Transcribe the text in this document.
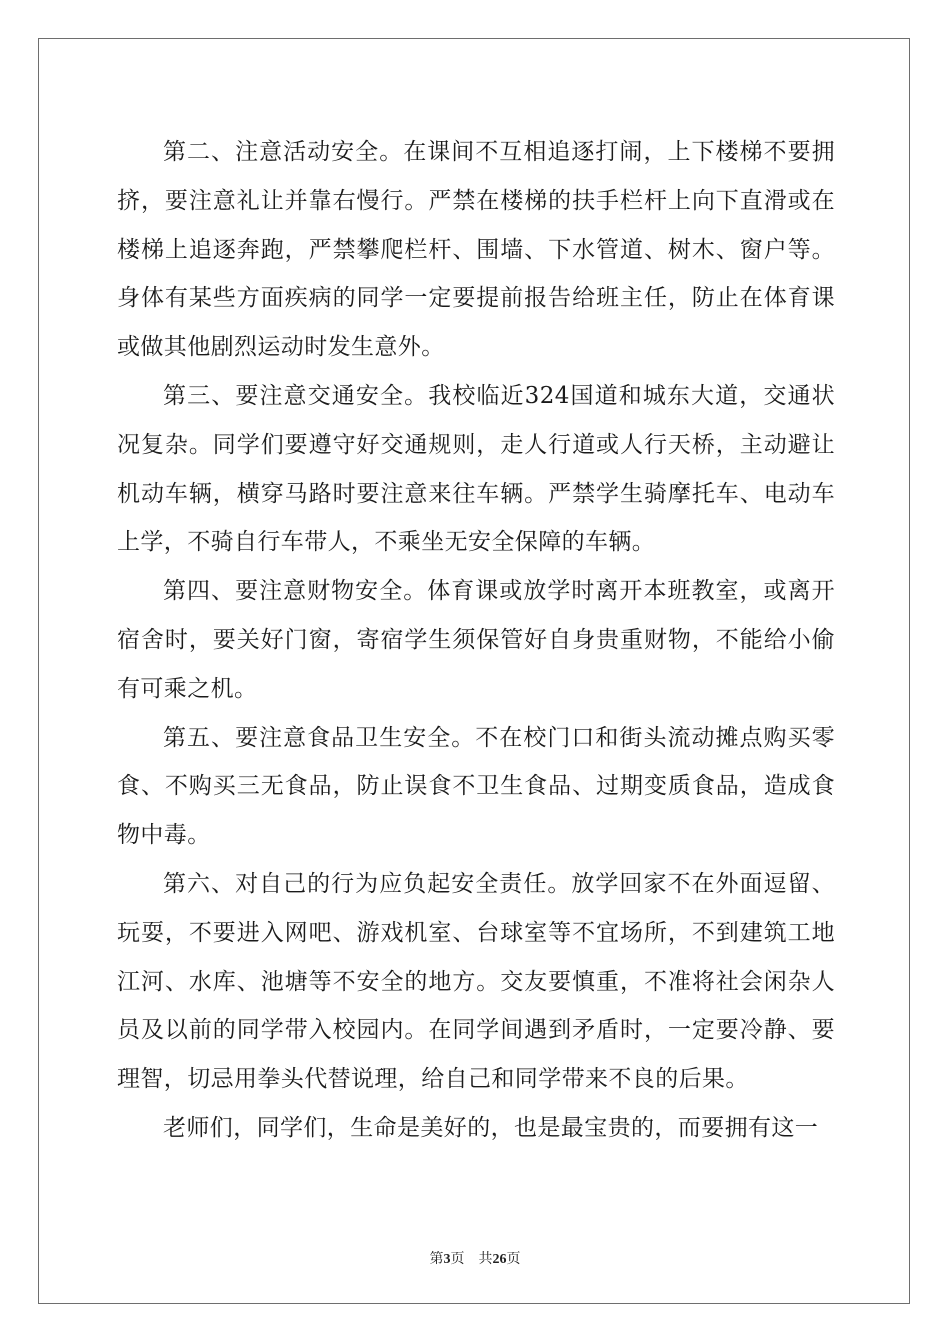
第二、注意活动安全。在课间不互相追逐打闹，上下楼梯不要拥挤，要注意礼让并靠右慢行。严禁在楼梯的扶手栏杆上向下直滑或在楼梯上追逐奔跑，严禁攀爬栏杆、围墙、下水管道、树木、窗户等。身体有某些方面疾病的同学一定要提前报告给班主任，防止在体育课或做其他剧烈运动时发生意外。

第三、要注意交通安全。我校临近324国道和城东大道，交通状况复杂。同学们要遵守好交通规则，走人行道或人行天桥，主动避让机动车辆，横穿马路时要注意来往车辆。严禁学生骑摩托车、电动车上学，不骑自行车带人，不乘坐无安全保障的车辆。

第四、要注意财物安全。体育课或放学时离开本班教室，或离开宿舍时，要关好门窗，寄宿学生须保管好自身贵重财物，不能给小偷有可乘之机。

第五、要注意食品卫生安全。不在校门口和街头流动摊点购买零食、不购买三无食品，防止误食不卫生食品、过期变质食品，造成食物中毒。

第六、对自己的行为应负起安全责任。放学回家不在外面逗留、玩耍，不要进入网吧、游戏机室、台球室等不宜场所，不到建筑工地江河、水库、池塘等不安全的地方。交友要慎重，不准将社会闲杂人员及以前的同学带入校园内。在同学间遇到矛盾时，一定要冷静、要理智，切忌用拳头代替说理，给自己和同学带来不良的后果。

老师们，同学们，生命是美好的，也是最宝贵的，而要拥有这一

第3页 共26页
